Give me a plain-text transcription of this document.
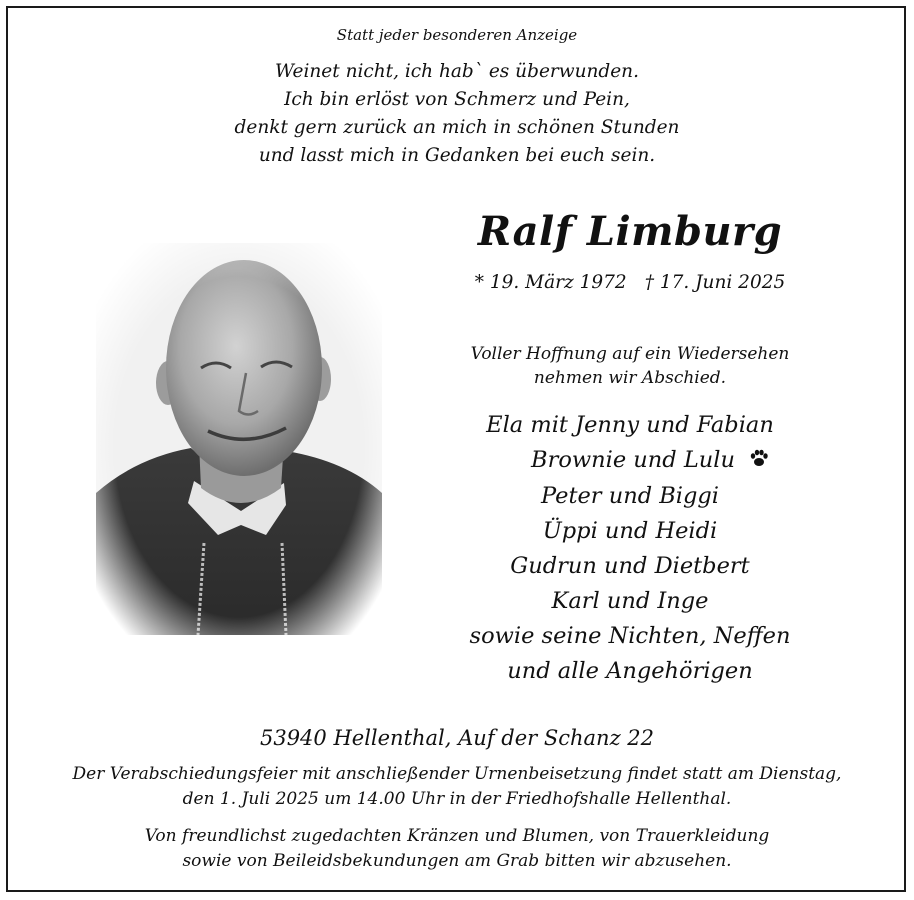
Statt jeder besonderen Anzeige
Weinet nicht, ich hab` es überwunden.
Ich bin erlöst von Schmerz und Pein,
denkt gern zurück an mich in schönen Stunden
und lasst mich in Gedanken bei euch sein.
Ralf Limburg
* 19. März 1972 † 17. Juni 2025
Voller Hoffnung auf ein Wiedersehen
nehmen wir Abschied.
Ela mit Jenny und Fabian
Brownie und Lulu
Peter und Biggi
Üppi und Heidi
Gudrun und Dietbert
Karl und Inge
sowie seine Nichten, Neffen
und alle Angehörigen
53940 Hellenthal, Auf der Schanz 22
Der Verabschiedungsfeier mit anschließender Urnenbeisetzung findet statt am Dienstag,
den 1. Juli 2025 um 14.00 Uhr in der Friedhofshalle Hellenthal.
Von freundlichst zugedachten Kränzen und Blumen, von Trauerkleidung
sowie von Beileidsbekundungen am Grab bitten wir abzusehen.
